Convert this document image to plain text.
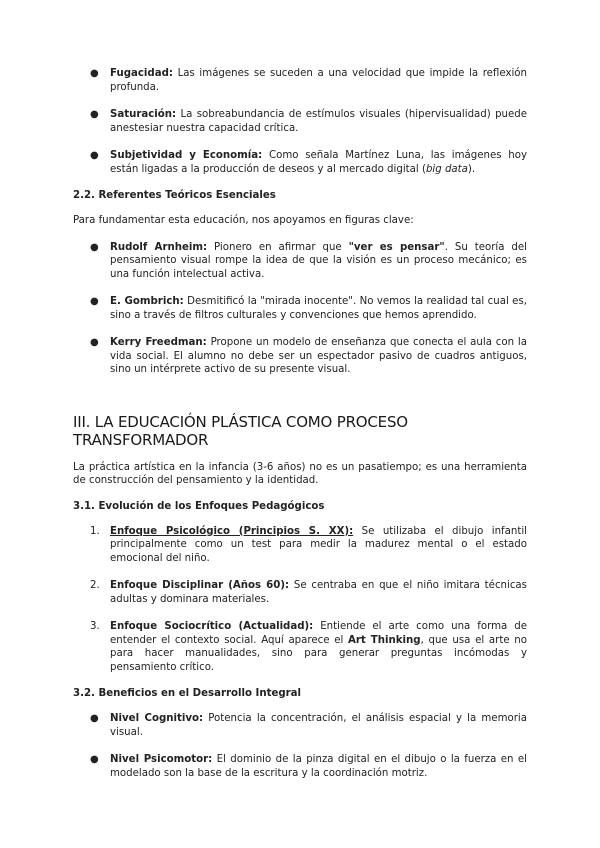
● Fugacidad: Las imágenes se suceden a una velocidad que impide la reflexión profunda.
● Saturación: La sobreabundancia de estímulos visuales (hipervisualidad) puede anestesiar nuestra capacidad crítica.
● Subjetividad y Economía: Como señala Martínez Luna, las imágenes hoy están ligadas a la producción de deseos y al mercado digital (big data).
2.2. Referentes Teóricos Esenciales
Para fundamentar esta educación, nos apoyamos en figuras clave:
● Rudolf Arnheim: Pionero en afirmar que "ver es pensar". Su teoría del pensamiento visual rompe la idea de que la visión es un proceso mecánico; es una función intelectual activa.
● E. Gombrich: Desmitificó la "mirada inocente". No vemos la realidad tal cual es, sino a través de filtros culturales y convenciones que hemos aprendido.
● Kerry Freedman: Propone un modelo de enseñanza que conecta el aula con la vida social. El alumno no debe ser un espectador pasivo de cuadros antiguos, sino un intérprete activo de su presente visual.
III. LA EDUCACIÓN PLÁSTICA COMO PROCESO TRANSFORMADOR
La práctica artística en la infancia (3-6 años) no es un pasatiempo; es una herramienta de construcción del pensamiento y la identidad.
3.1. Evolución de los Enfoques Pedagógicos
1. Enfoque Psicológico (Principios S. XX): Se utilizaba el dibujo infantil principalmente como un test para medir la madurez mental o el estado emocional del niño.
2. Enfoque Disciplinar (Años 60): Se centraba en que el niño imitara técnicas adultas y dominara materiales.
3. Enfoque Sociocrítico (Actualidad): Entiende el arte como una forma de entender el contexto social. Aquí aparece el Art Thinking, que usa el arte no para hacer manualidades, sino para generar preguntas incómodas y pensamiento crítico.
3.2. Beneficios en el Desarrollo Integral
● Nivel Cognitivo: Potencia la concentración, el análisis espacial y la memoria visual.
● Nivel Psicomotor: El dominio de la pinza digital en el dibujo o la fuerza en el modelado son la base de la escritura y la coordinación motriz.
